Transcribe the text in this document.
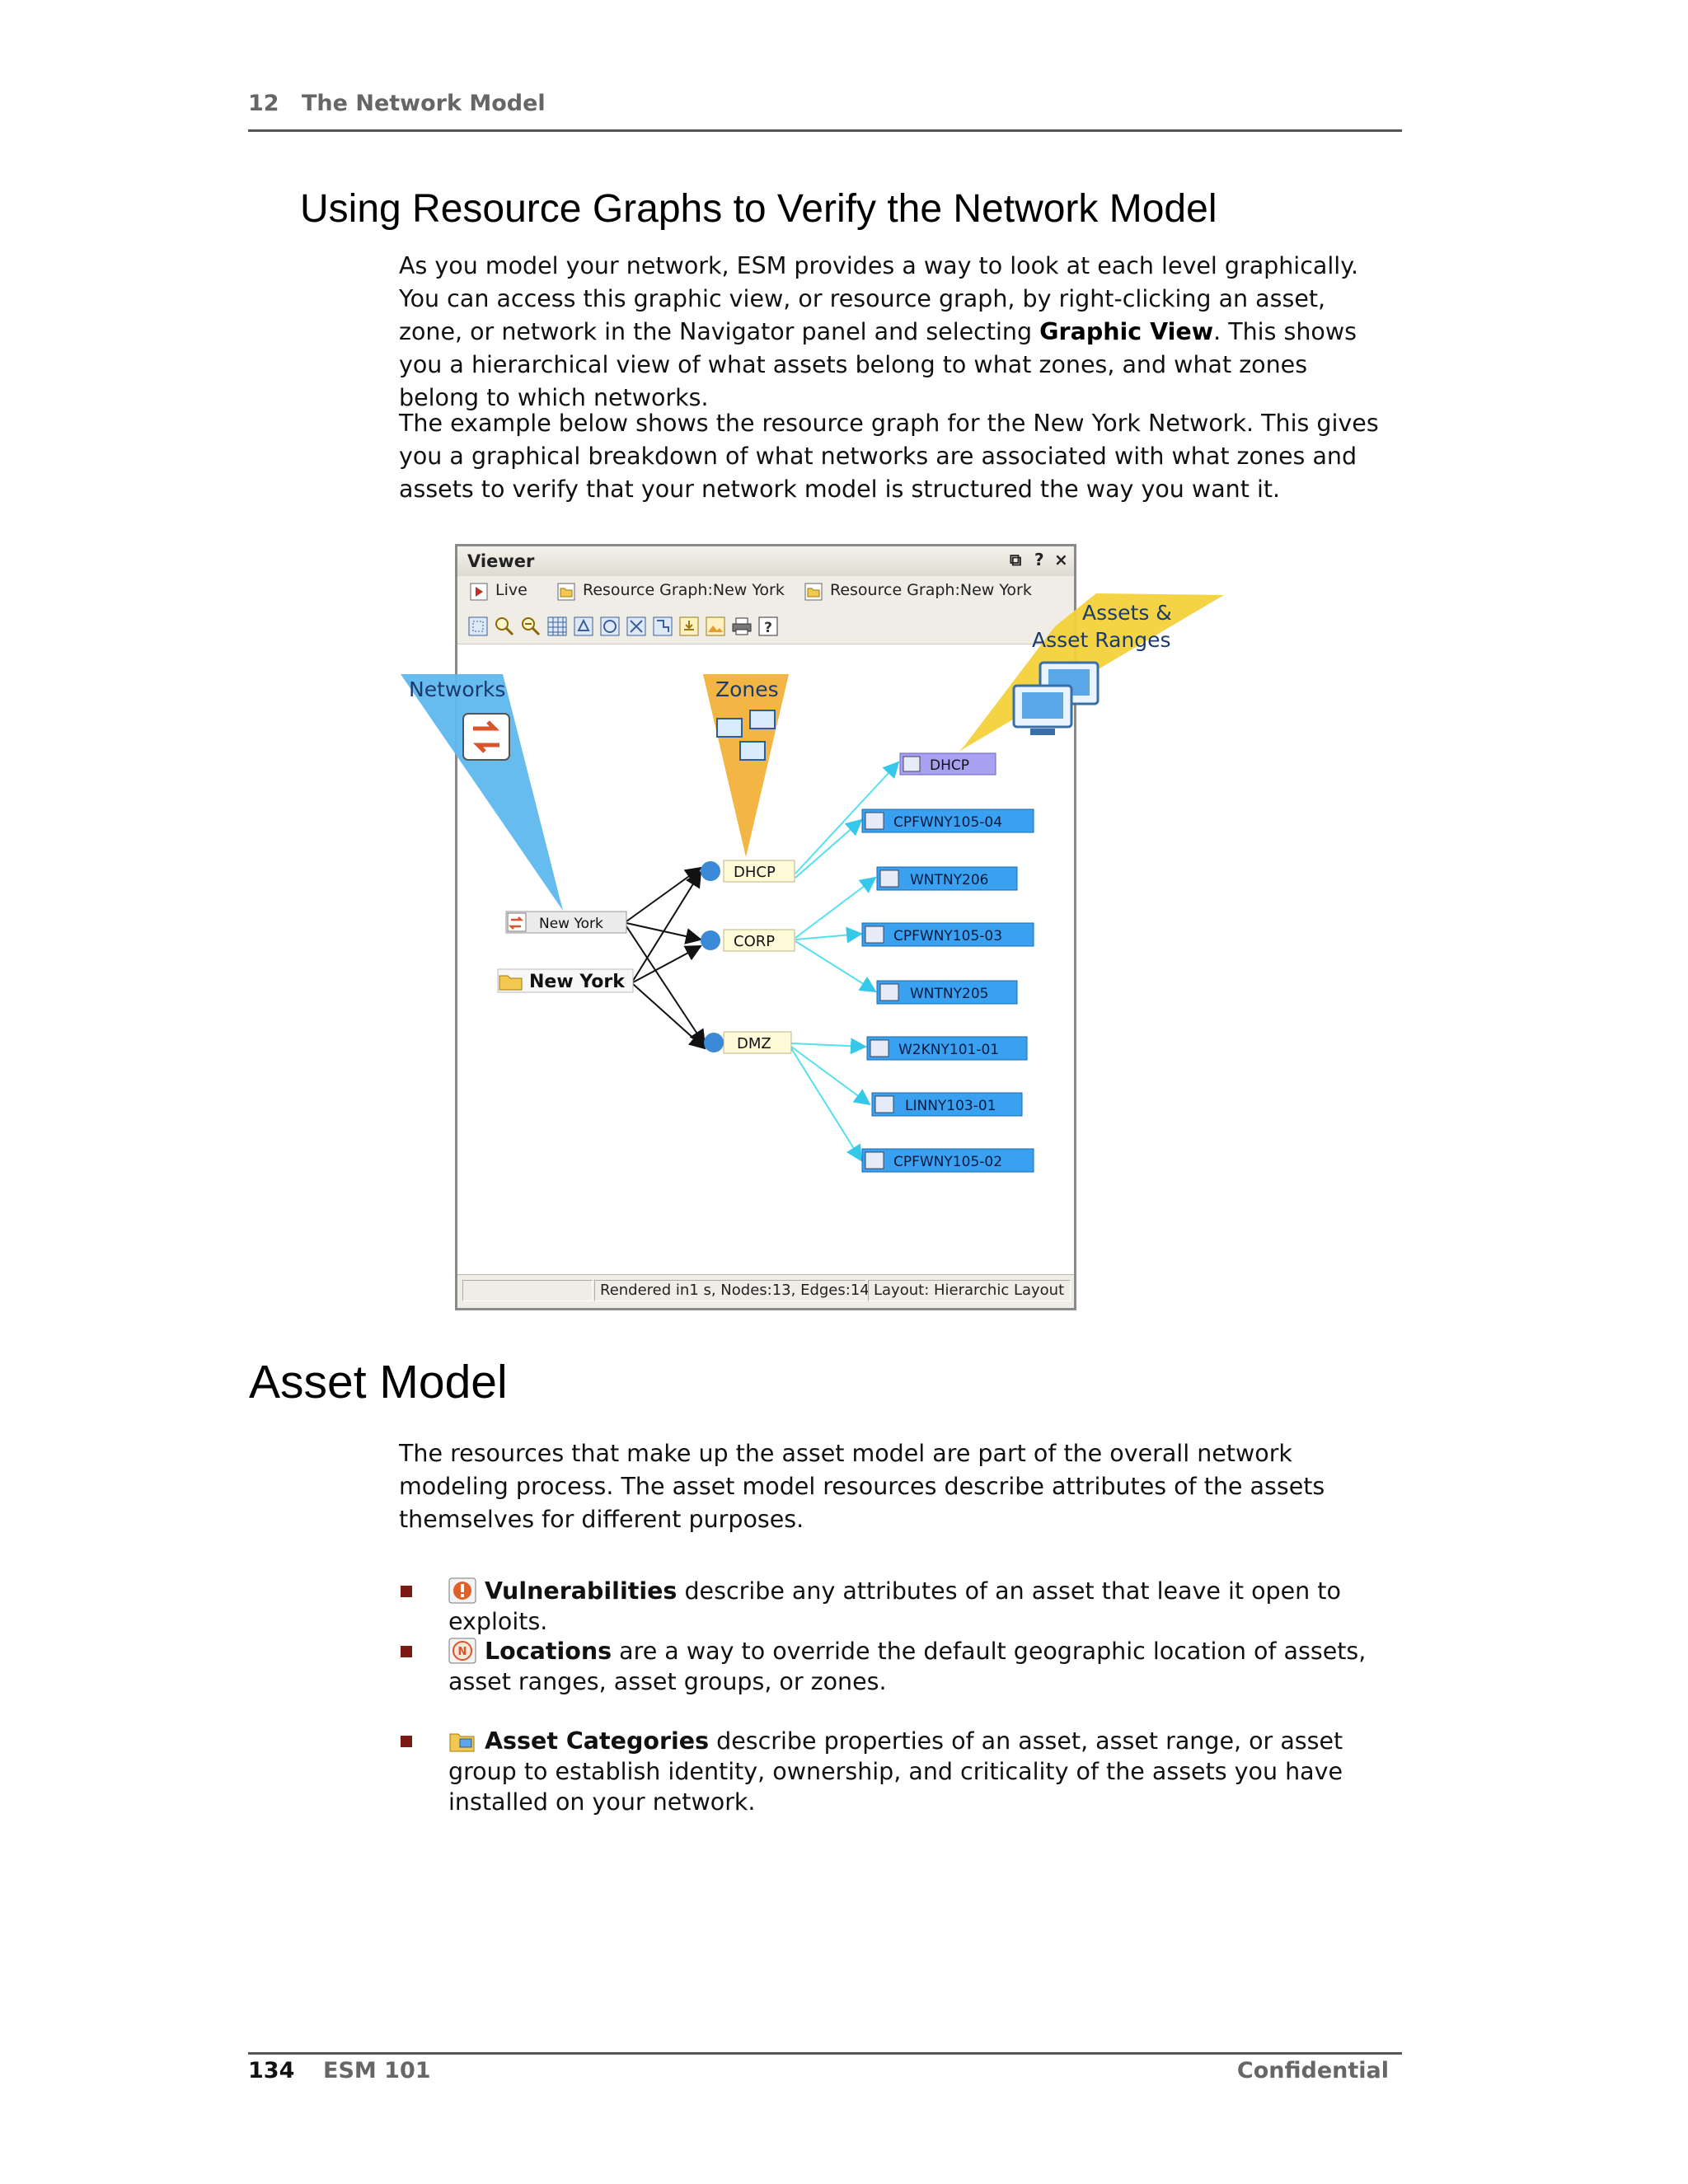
12 The Network Model
Using Resource Graphs to Verify the Network Model
As you model your network, ESM provides a way to look at each level graphically. You can access this graphic view, or resource graph, by right-clicking an asset, zone, or network in the Navigator panel and selecting Graphic View. This shows you a hierarchical view of what assets belong to what zones, and what zones belong to which networks.
The example below shows the resource graph for the New York Network. This gives you a graphical breakdown of what networks are associated with what zones and assets to verify that your network model is structured the way you want it.
Viewer	⧉ ? ×
Live	Resource Graph:New York	Resource Graph:New York
?
Rendered in1 s, Nodes:13, Edges:14 Layout: Hierarchic Layout
Networks	Zones
Assets &
Asset Ranges
New York
New York
DHCP
CORP
DMZ
DHCP
CPFWNY105-04
WNTNY206
CPFWNY105-03
WNTNY205
W2KNY101-01
LINNY103-01
CPFWNY105-02
Asset Model
The resources that make up the asset model are part of the overall network modeling process. The asset model resources describe attributes of the assets themselves for different purposes.
Vulnerabilities describe any attributes of an asset that leave it open to exploits.
N Locations are a way to override the default geographic location of assets, asset ranges, asset groups, or zones.
Asset Categories describe properties of an asset, asset range, or asset group to establish identity, ownership, and criticality of the assets you have installed on your network.
134 ESM 101	Confidential
